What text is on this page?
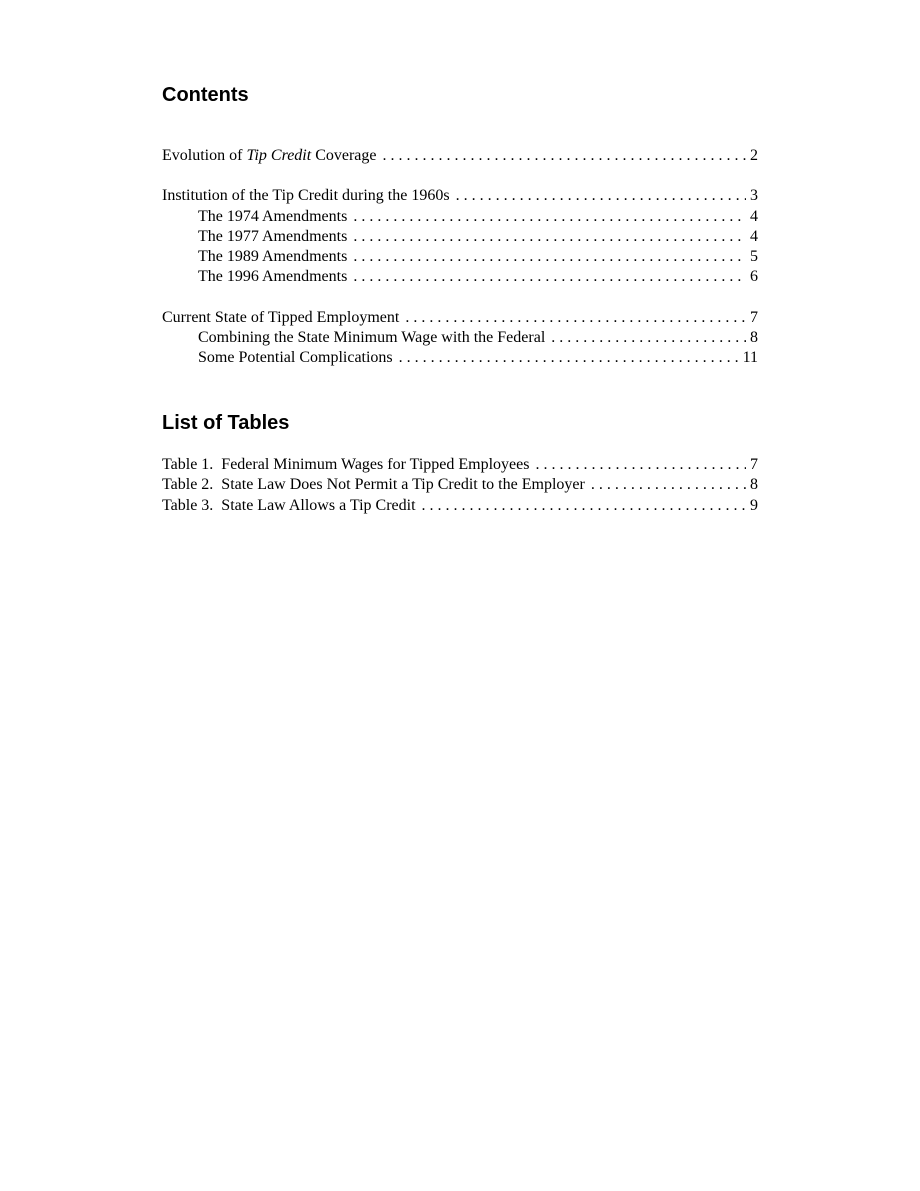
Contents
Evolution of Tip Credit Coverage . . .	2
Institution of the Tip Credit during the 1960s . . .	3
The 1974 Amendments . . .	4
The 1977 Amendments . . .	4
The 1989 Amendments . . .	5
The 1996 Amendments . . .	6
Current State of Tipped Employment . . .	7
Combining the State Minimum Wage with the Federal . . .	8
Some Potential Complications . . .	11
List of Tables
Table 1.  Federal Minimum Wages for Tipped Employees . . .	7
Table 2.  State Law Does Not Permit a Tip Credit to the Employer . . .	8
Table 3.  State Law Allows a Tip Credit . . .	9
